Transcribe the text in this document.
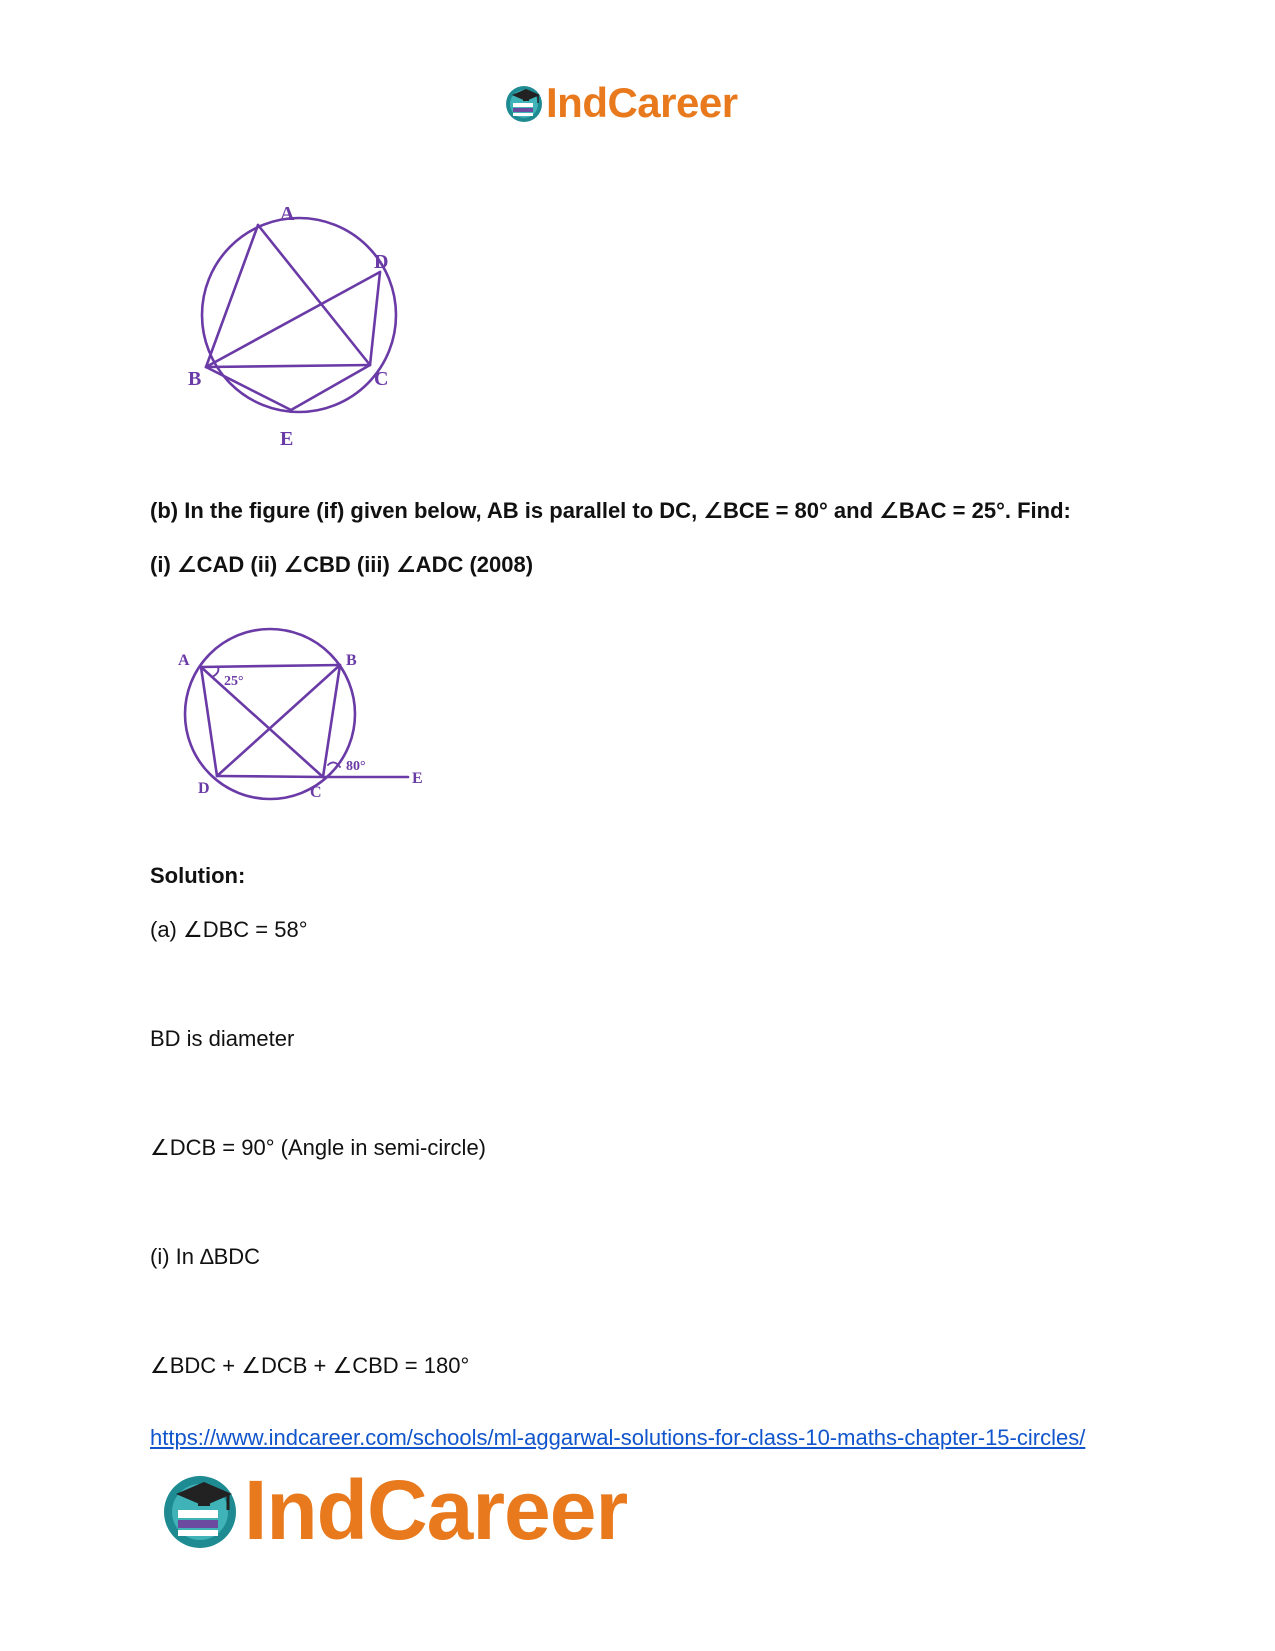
IndCareer
A
B	C
D
E
(b) In the figure (if) given below, AB is parallel to DC, ∠BCE = 80° and ∠BAC = 25°. Find:
(i) ∠CAD (ii) ∠CBD (iii) ∠ADC (2008)
A	B
C
D
E
25°
80°
Solution:
(a) ∠DBC = 58°
BD is diameter
∠DCB = 90° (Angle in semi-circle)
(i) In ∆BDC
∠BDC + ∠DCB + ∠CBD = 180°
https://www.indcareer.com/schools/ml-aggarwal-solutions-for-class-10-maths-chapter-15-circles/
IndCareer
